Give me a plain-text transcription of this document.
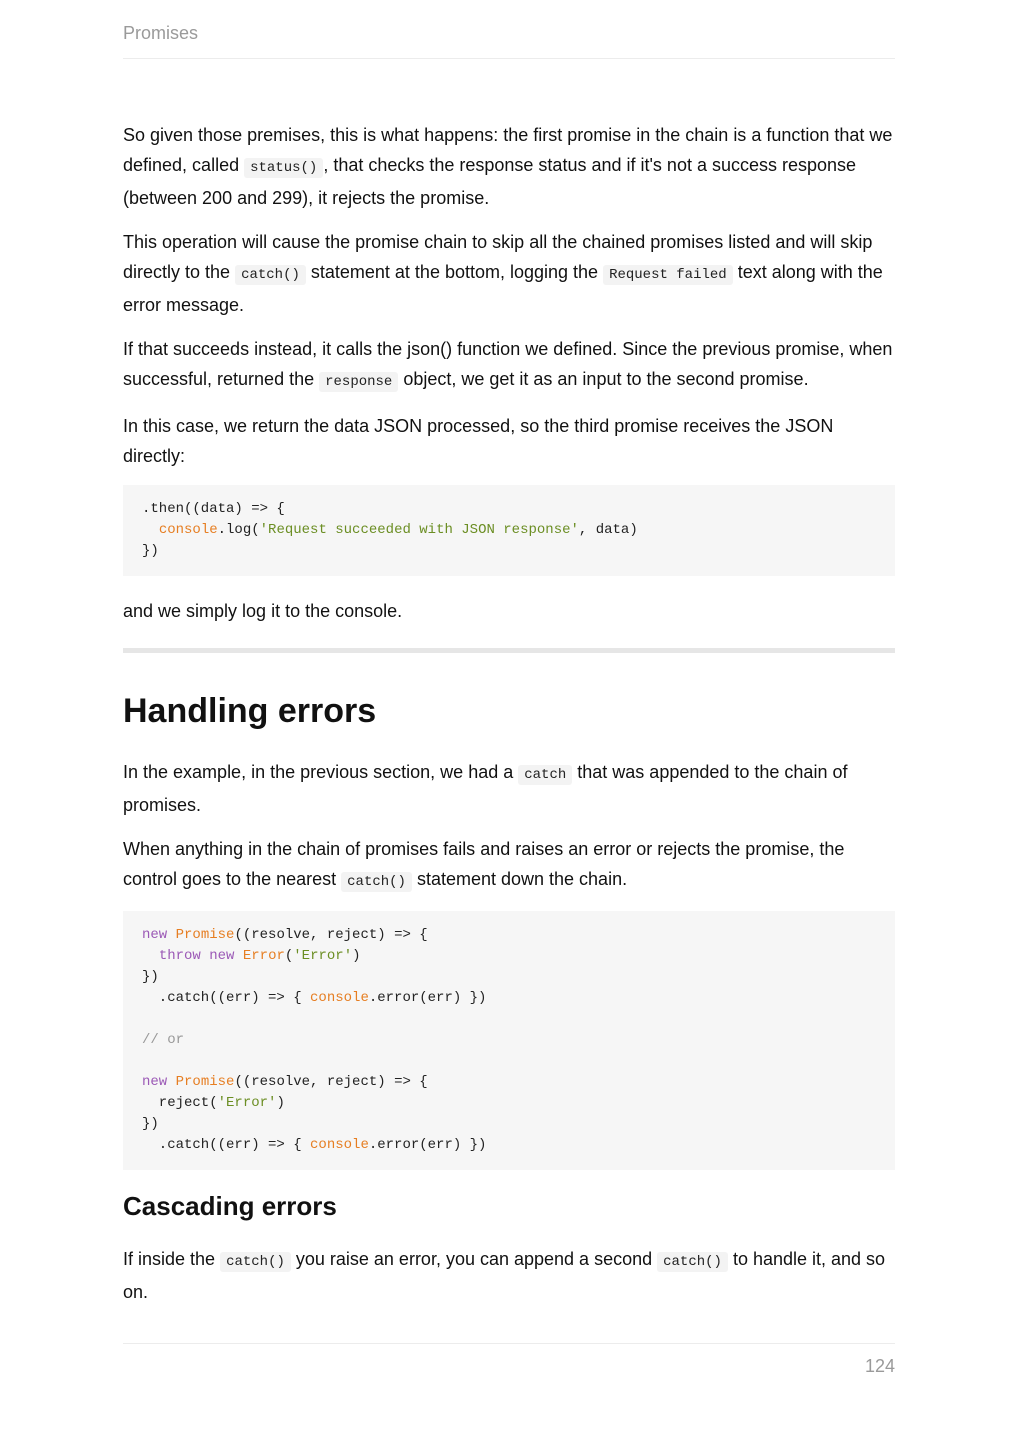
Promises

So given those premises, this is what happens: the first promise in the chain is a function that we defined, called status() , that checks the response status and if it's not a success response (between 200 and 299), it rejects the promise.

This operation will cause the promise chain to skip all the chained promises listed and will skip directly to the catch() statement at the bottom, logging the Request failed text along with the error message.

If that succeeds instead, it calls the json() function we defined. Since the previous promise, when successful, returned the response object, we get it as an input to the second promise.

In this case, we return the data JSON processed, so the third promise receives the JSON directly:

.then((data) => {
console.log('Request succeeded with JSON response', data)
})

and we simply log it to the console.

Handling errors

In the example, in the previous section, we had a catch that was appended to the chain of promises.

When anything in the chain of promises fails and raises an error or rejects the promise, the control goes to the nearest catch() statement down the chain.

new Promise((resolve, reject) => {
throw new Error('Error')
})
.catch((err) => { console.error(err) })

// or

new Promise((resolve, reject) => {
reject('Error')
})
.catch((err) => { console.error(err) })
Cascading errors

If inside the catch() you raise an error, you can append a second catch() to handle it, and so on.

124
